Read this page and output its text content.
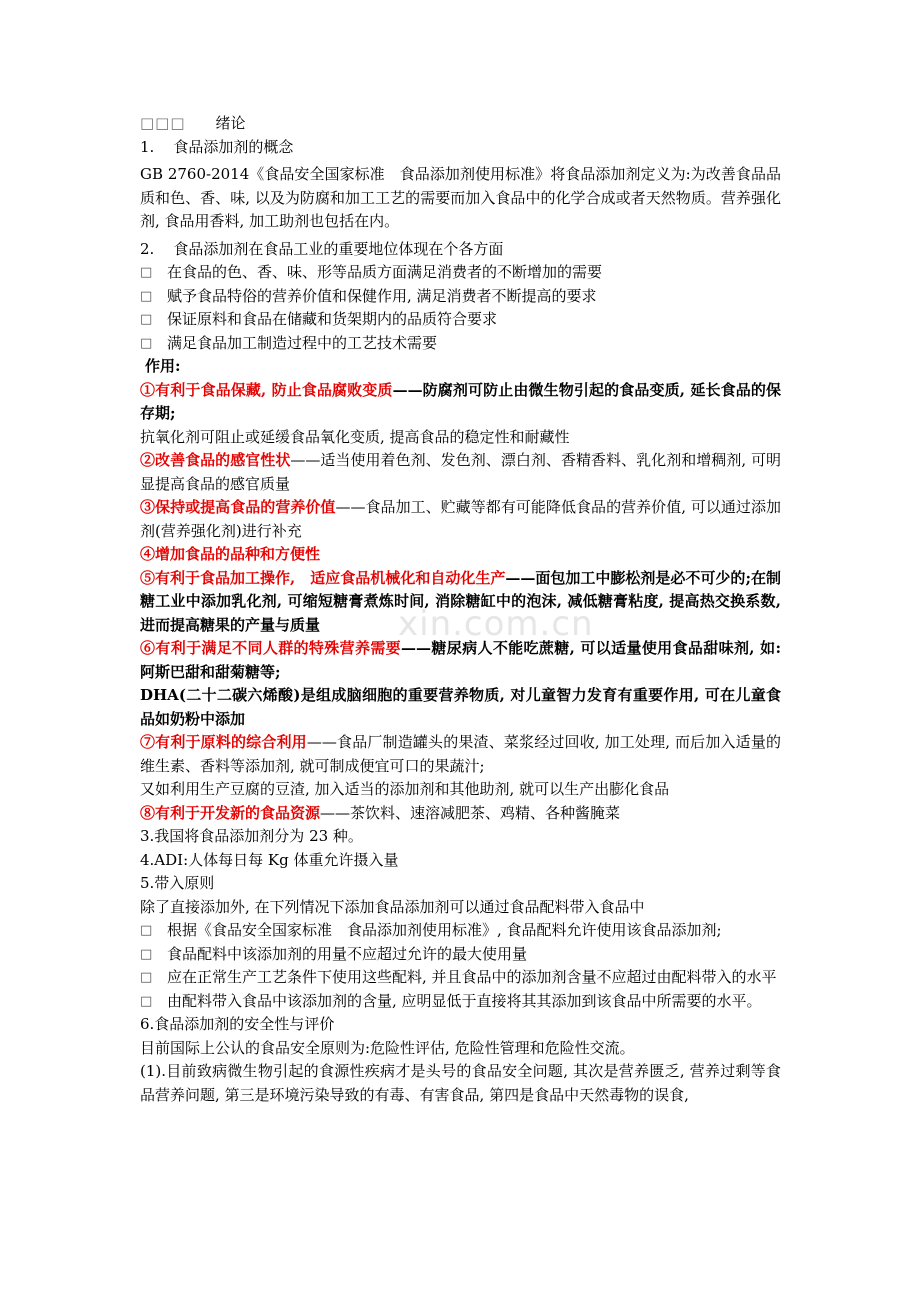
xin.com.cn
□□□ 绪论
1.    食品添加剂的概念
GB 2760-2014《食品安全国家标准　食品添加剂使用标准》将食品添加剂定义为:为改善食品品质和色、香、味, 以及为防腐和加工工艺的需要而加入食品中的化学合成或者天然物质。营养强化剂, 食品用香料, 加工助剂也包括在内。
2.    食品添加剂在食品工业的重要地位体现在个各方面
□ 在食品的色、香、味、形等品质方面满足消费者的不断增加的需要
□ 赋予食品特俗的营养价值和保健作用, 满足消费者不断提高的要求
□ 保证原料和食品在储藏和货架期内的品质符合要求
□ 满足食品加工制造过程中的工艺技术需要
作用:
①有利于食品保藏, 防止食品腐败变质——防腐剂可防止由微生物引起的食品变质, 延长食品的保存期;
抗氧化剂可阻止或延缓食品氧化变质, 提高食品的稳定性和耐藏性
②改善食品的感官性状——适当使用着色剂、发色剂、漂白剂、香精香料、乳化剂和增稠剂, 可明显提高食品的感官质量
③保持或提高食品的营养价值——食品加工、贮藏等都有可能降低食品的营养价值, 可以通过添加剂(营养强化剂)进行补充
④增加食品的品种和方便性
⑤有利于食品加工操作,　适应食品机械化和自动化生产——面包加工中膨松剂是必不可少的;在制糖工业中添加乳化剂, 可缩短糖膏煮炼时间, 消除糖缸中的泡沫, 减低糖膏粘度, 提高热交换系数, 进而提高糖果的产量与质量
⑥有利于满足不同人群的特殊营养需要——糖尿病人不能吃蔗糖, 可以适量使用食品甜味剂, 如:阿斯巴甜和甜菊糖等;
DHA(二十二碳六烯酸)是组成脑细胞的重要营养物质, 对儿童智力发育有重要作用, 可在儿童食品如奶粉中添加
⑦有利于原料的综合利用——食品厂制造罐头的果渣、菜浆经过回收, 加工处理, 而后加入适量的维生素、香料等添加剂, 就可制成便宜可口的果蔬汁;
又如利用生产豆腐的豆渣, 加入适当的添加剂和其他助剂, 就可以生产出膨化食品
⑧有利于开发新的食品资源——茶饮料、速溶减肥茶、鸡精、各种酱腌菜
3.我国将食品添加剂分为 23 种。
4.ADI:人体每日每 Kg 体重允许摄入量
5.带入原则
除了直接添加外, 在下列情况下添加食品添加剂可以通过食品配料带入食品中
□ 根据《食品安全国家标准　食品添加剂使用标准》, 食品配料允许使用该食品添加剂;
□ 食品配料中该添加剂的用量不应超过允许的最大使用量
□ 应在正常生产工艺条件下使用这些配料, 并且食品中的添加剂含量不应超过由配料带入的水平
□ 由配料带入食品中该添加剂的含量, 应明显低于直接将其其添加到该食品中所需要的水平。
6.食品添加剂的安全性与评价
目前国际上公认的食品安全原则为:危险性评估, 危险性管理和危险性交流。
(1).目前致病微生物引起的食源性疾病才是头号的食品安全问题, 其次是营养匮乏, 营养过剩等食品营养问题, 第三是环境污染导致的有毒、有害食品, 第四是食品中天然毒物的误食,
